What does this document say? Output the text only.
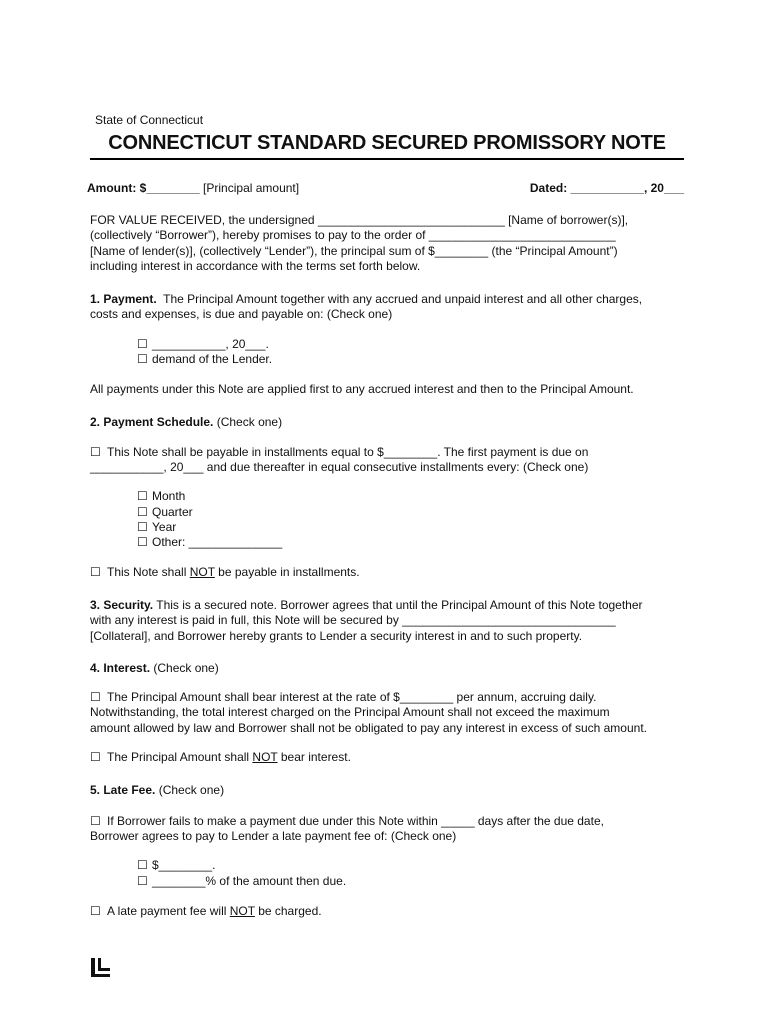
State of Connecticut
CONNECTICUT STANDARD SECURED PROMISSORY NOTE
Amount: $________ [Principal amount]	Dated: ___________, 20___

FOR VALUE RECEIVED, the undersigned ____________________________ [Name of borrower(s)],
(collectively “Borrower”), hereby promises to pay to the order of ____________________________
[Name of lender(s)], (collectively “Lender”), the principal sum of $________ (the “Principal Amount”)
including interest in accordance with the terms set forth below.

1. Payment.  The Principal Amount together with any accrued and unpaid interest and all other charges,
costs and expenses, is due and payable on: (Check one)

☐ ___________, 20___.
☐ demand of the Lender.

All payments under this Note are applied first to any accrued interest and then to the Principal Amount.

2. Payment Schedule. (Check one)

☐ This Note shall be payable in installments equal to $________. The first payment is due on
___________, 20___ and due thereafter in equal consecutive installments every: (Check one)

☐ Month
☐ Quarter
☐ Year
☐ Other: ______________
☐ This Note shall NOT be payable in installments.

3. Security. This is a secured note. Borrower agrees that until the Principal Amount of this Note together
with any interest is paid in full, this Note will be secured by ________________________________
[Collateral], and Borrower hereby grants to Lender a security interest in and to such property.

4. Interest. (Check one)

☐ The Principal Amount shall bear interest at the rate of $________ per annum, accruing daily.
Notwithstanding, the total interest charged on the Principal Amount shall not exceed the maximum
amount allowed by law and Borrower shall not be obligated to pay any interest in excess of such amount.

☐ The Principal Amount shall NOT bear interest.

5. Late Fee. (Check one)

☐ If Borrower fails to make a payment due under this Note within _____ days after the due date,
Borrower agrees to pay to Lender a late payment fee of: (Check one)

☐ $________.
☐ ________% of the amount then due.
☐ A late payment fee will NOT be charged.
